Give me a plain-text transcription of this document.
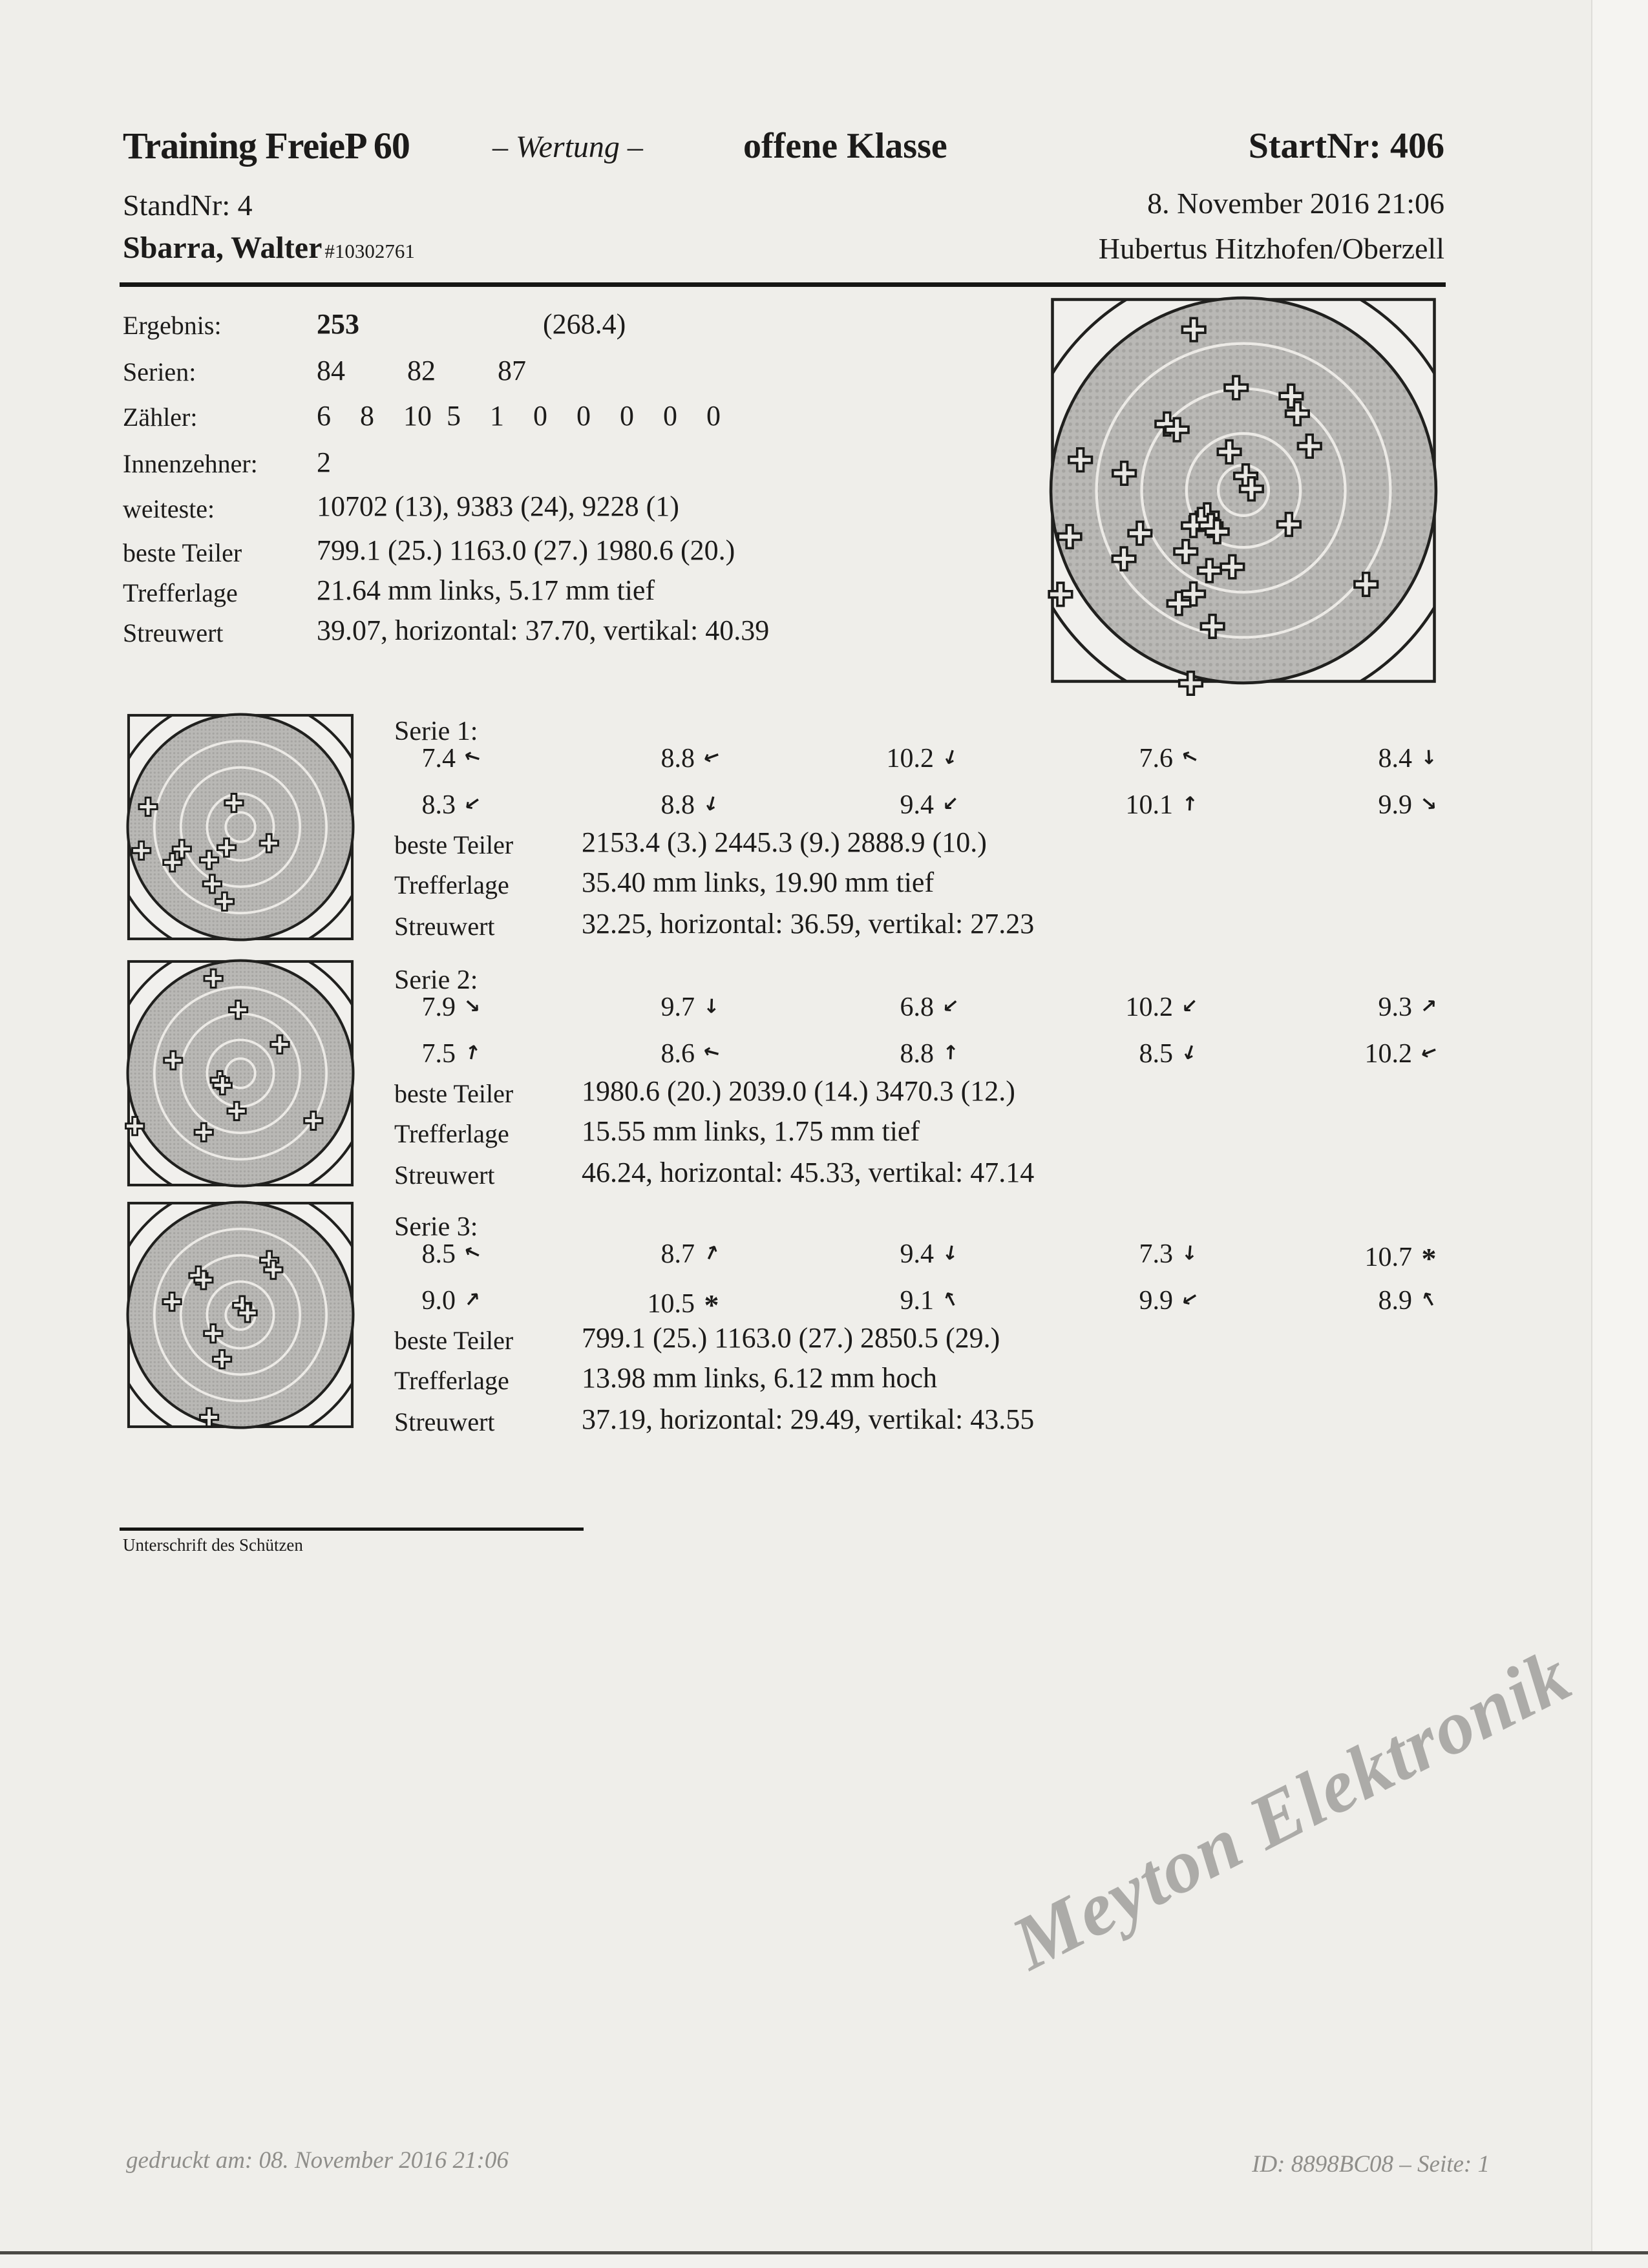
Training FreieP 60	– Wertung –	offene Klasse	StartNr: 406
StandNr: 4	8. November 2016 21:06
Sbarra, Walter #10302761	Hubertus Hitzhofen/Oberzell
Ergebnis:	253	(268.4)
Serien:	84 82 87
Zähler:	6 8 10 5 1 0 0 0 0 0
Innenzehner: 2
weiteste:	10702 (13), 9383 (24), 9228 (1)
beste Teiler	799.1 (25.) 1163.0 (27.) 1980.6 (20.)
Trefferlage	21.64 mm links, 5.17 mm tief
Streuwert	39.07, horizontal: 37.70, vertikal: 40.39
Serie 1:
7.4 →	8.8 →	10.2 →	7.6 →	8.4 →
8.3 →	8.8 →	9.4 →	10.1 →	9.9 →
beste Teiler 2153.4 (3.) 2445.3 (9.) 2888.9 (10.)
Trefferlage	35.40 mm links, 19.90 mm tief
Streuwert	32.25, horizontal: 36.59, vertikal: 27.23
Serie 2:
7.9 →	9.7 →	6.8 →	10.2 →	9.3 →
7.5 →	8.6 →	8.8 →	8.5 →	10.2 →
beste Teiler 1980.6 (20.) 2039.0 (14.) 3470.3 (12.)
Trefferlage	15.55 mm links, 1.75 mm tief
Streuwert	46.24, horizontal: 45.33, vertikal: 47.14
Serie 3:
8.5 →	8.7 →	9.4 →	7.3 →	10.7 *
9.0 →	10.5 *	9.1 →	9.9 →	8.9 →
beste Teiler 799.1 (25.) 1163.0 (27.) 2850.5 (29.)
Trefferlage	13.98 mm links, 6.12 mm hoch
Streuwert	37.19, horizontal: 29.49, vertikal: 43.55
Unterschrift des Schützen
Meyton Elektronik
gedruckt am: 08. November 2016 21:06	ID: 8898BC08 – Seite: 1
